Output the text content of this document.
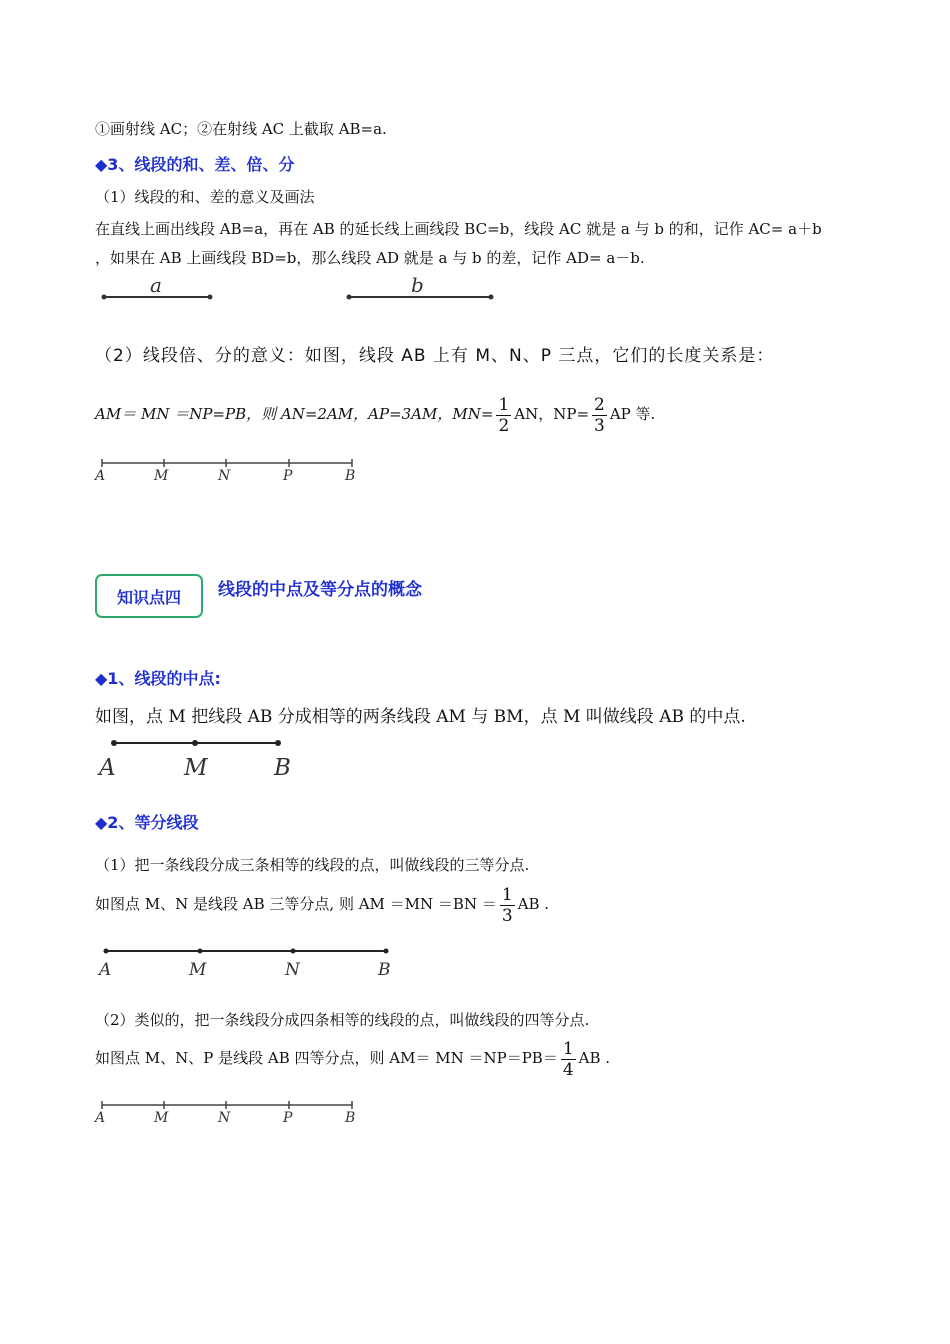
①画射线 AC；②在射线 AC 上截取 AB=a.
◆3、线段的和、差、倍、分
（1）线段的和、差的意义及画法
在直线上画出线段 AB=a，再在 AB 的延长线上画线段 BC=b，线段 AC 就是 a 与 b 的和，记作 AC= a＋b
，如果在 AB 上画线段 BD=b，那么线段 AD 就是 a 与 b 的差，记作 AD= a－b.
a	b
（2）线段倍、分的意义：如图，线段 AB 上有 M、N、P 三点，它们的长度关系是：
AM＝ MN ＝NP=PB，则 AN=2AM，AP=3AM，$MN= \frac{1}{2}$ AN，$NP= \frac{2}{3}$ AP 等.
A	M	N	P	B
知识点四 线段的中点及等分点的概念
◆1、线段的中点:
如图，点 M 把线段 AB 分成相等的两条线段 AM 与 BM，点 M 叫做线段 AB 的中点.
A	M	B
◆2、等分线段
（1）把一条线段分成三条相等的线段的点，叫做线段的三等分点.
如图点 M、N 是线段 AB 三等分点, 则 AM $=MN =BN = \frac{1}{3}$ AB .
A	M	N	B
（2）类似的，把一条线段分成四条相等的线段的点，叫做线段的四等分点.
如图点 M、N、P 是线段 AB 四等分点，则 AM＝ MN $=NP=PB= \frac{1}{4}$ AB .
A	M	N	P	B
